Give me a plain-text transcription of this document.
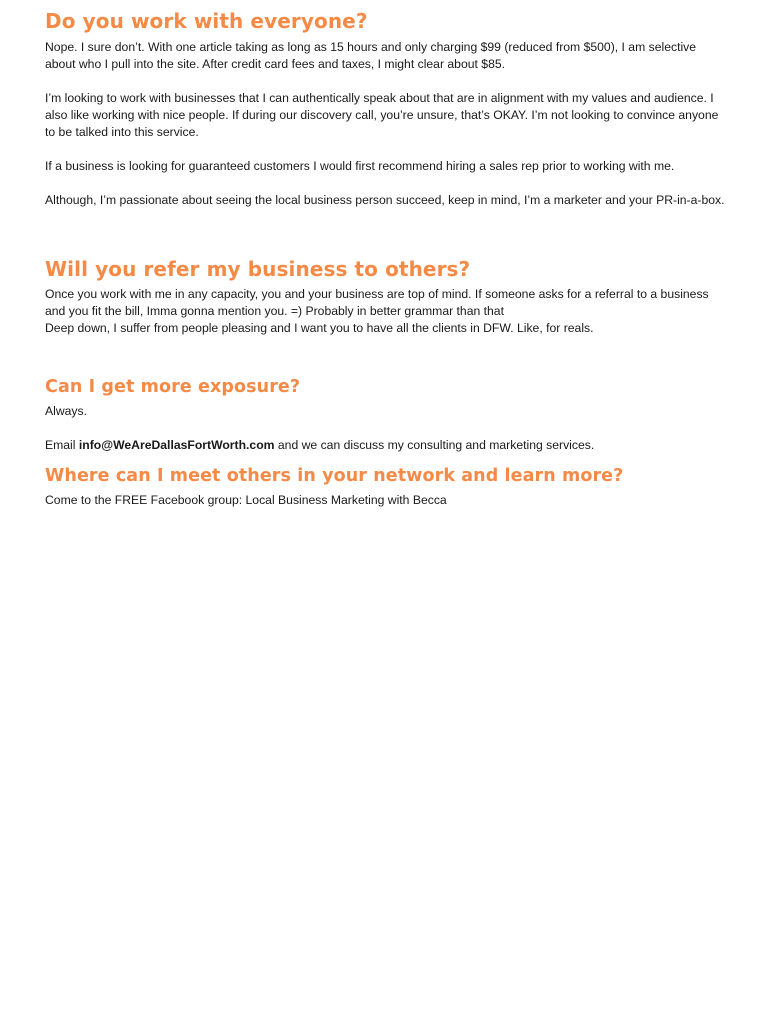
Do you work with everyone?

Nope. I sure don’t. With one article taking as long as 15 hours and only charging $99 (reduced from $500), I am selective about who I pull into the site. After credit card fees and taxes, I might clear about $85.

I’m looking to work with businesses that I can authentically speak about that are in alignment with my values and audience. I also like working with nice people. If during our discovery call, you’re unsure, that’s OKAY. I’m not looking to convince anyone to be talked into this service.

If a business is looking for guaranteed customers I would first recommend hiring a sales rep prior to working with me.

Although, I’m passionate about seeing the local business person succeed, keep in mind, I’m a marketer and your PR-in-a-box.

Will you refer my business to others?

Once you work with me in any capacity, you and your business are top of mind. If someone asks for a referral to a business and you fit the bill, Imma gonna mention you. =) Probably in better grammar than that

Deep down, I suffer from people pleasing and I want you to have all the clients in DFW. Like, for reals.

Can I get more exposure?

Always.

Email info@WeAreDallasFortWorth.com and we can discuss my consulting and marketing services.

Where can I meet others in your network and learn more?

Come to the FREE Facebook group: Local Business Marketing with Becca
